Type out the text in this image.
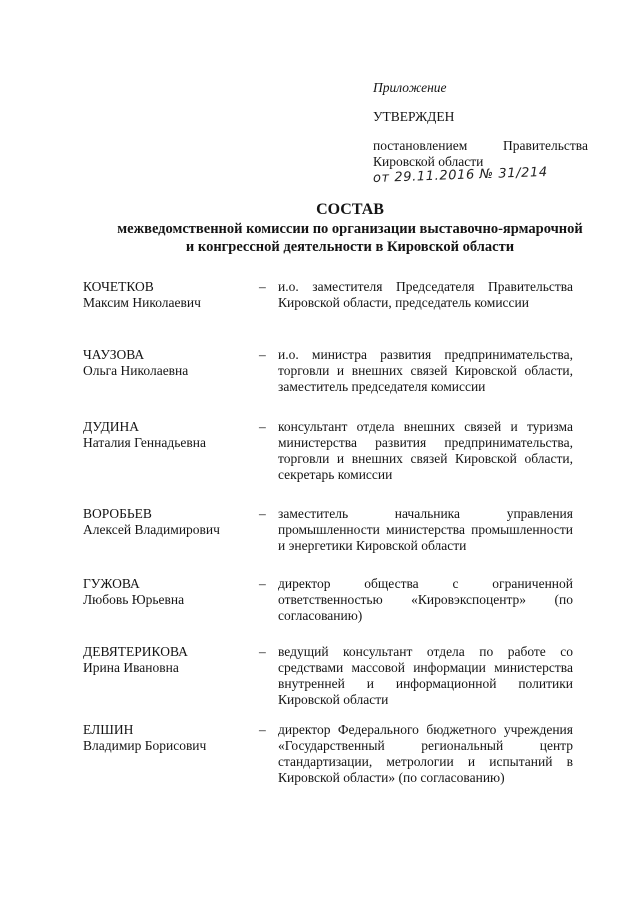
Приложение
УТВЕРЖДЕН
постановлением	Правительства
Кировской области
от 29.11.2016 № 31/214
СОСТАВ
межведомственной комиссии по организации выставочно-ярмарочной
и конгрессной деятельности в Кировской области
КОЧЕТКОВ
Максим Николаевич
– и.о. заместителя Председателя Правительства Кировской области, председатель комиссии
ЧАУЗОВА
Ольга Николаевна
– и.о. министра развития предпринимательства, торговли и внешних связей Кировской области, заместитель председателя комиссии
ДУДИНА
Наталия Геннадьевна
– консультант отдела внешних связей и туризма министерства развития предпринимательства, торговли и внешних связей Кировской области, секретарь комиссии
ВОРОБЬЕВ
Алексей Владимирович
– заместитель начальника управления промышленности министерства промышленности и энергетики Кировской области
ГУЖОВА
Любовь Юрьевна
– директор общества с ограниченной ответственностью «Кировэкспоцентр» (по согласованию)
ДЕВЯТЕРИКОВА
Ирина Ивановна
– ведущий консультант отдела по работе со средствами массовой информации министерства внутренней и информационной политики Кировской области
ЕЛШИН
Владимир Борисович
– директор Федерального бюджетного учреждения «Государственный региональный центр стандартизации, метрологии и испытаний в Кировской области» (по согласованию)
